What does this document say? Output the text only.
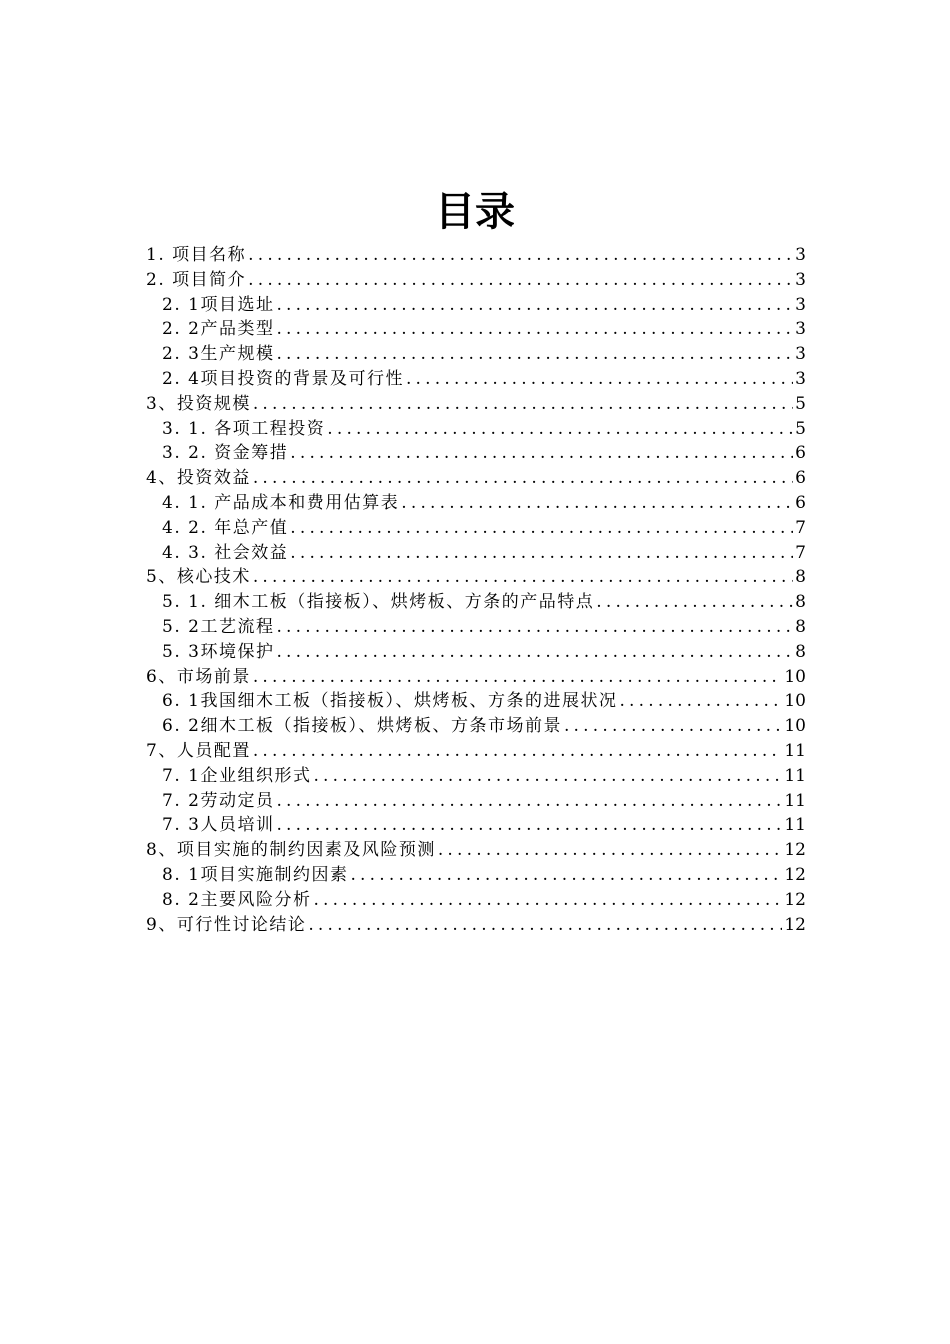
目录
1. 项目名称 .....	3
2. 项目简介 .....	3
2. 1项目选址 .....	3
2. 2产品类型 .....	3
2. 3生产规模 .....	3
2. 4项目投资的背景及可行性 .....	3
3、投资规模 .....	5
3. 1. 各项工程投资 .....	5
3. 2. 资金筹措 .....	6
4、投资效益 .....	6
4. 1. 产品成本和费用估算表 .....	6
4. 2. 年总产值 .....	7
4. 3. 社会效益 .....	7
5、核心技术 .....	8
5. 1. 细木工板（指接板）、烘烤板、方条的产品特点 .....	8
5. 2工艺流程 .....	8
5. 3环境保护 .....	8
6、市场前景 .....	10
6. 1我国细木工板（指接板）、烘烤板、方条的进展状况 .....	10
6. 2细木工板（指接板）、烘烤板、方条市场前景 .....	10
7、人员配置 .....	11
7. 1企业组织形式 .....	11
7. 2劳动定员 .....	11
7. 3人员培训 .....	11
8、项目实施的制约因素及风险预测 .....	12
8. 1项目实施制约因素 .....	12
8. 2主要风险分析 .....	12
9、可行性讨论结论 .....	12
